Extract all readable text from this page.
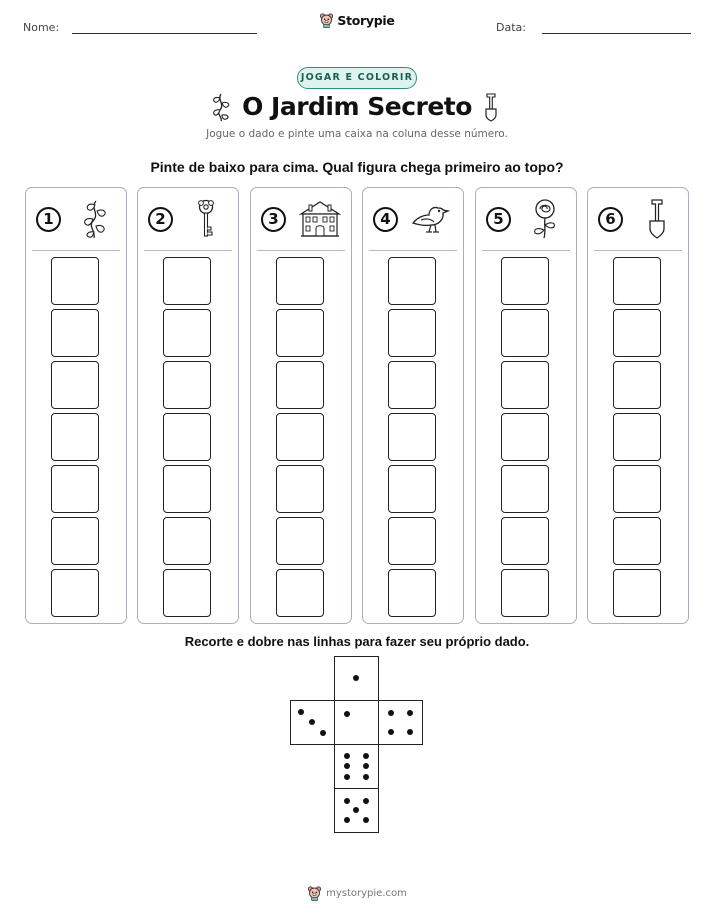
Nome:	Storypie	Data:
JOGAR E COLORIR
O Jardim Secreto
Jogue o dado e pinte uma caixa na coluna desse número.
Pinte de baixo para cima. Qual figura chega primeiro ao topo?
1	2	3	4	5	6
Recorte e dobre nas linhas para fazer seu próprio dado.
mystorypie.com
